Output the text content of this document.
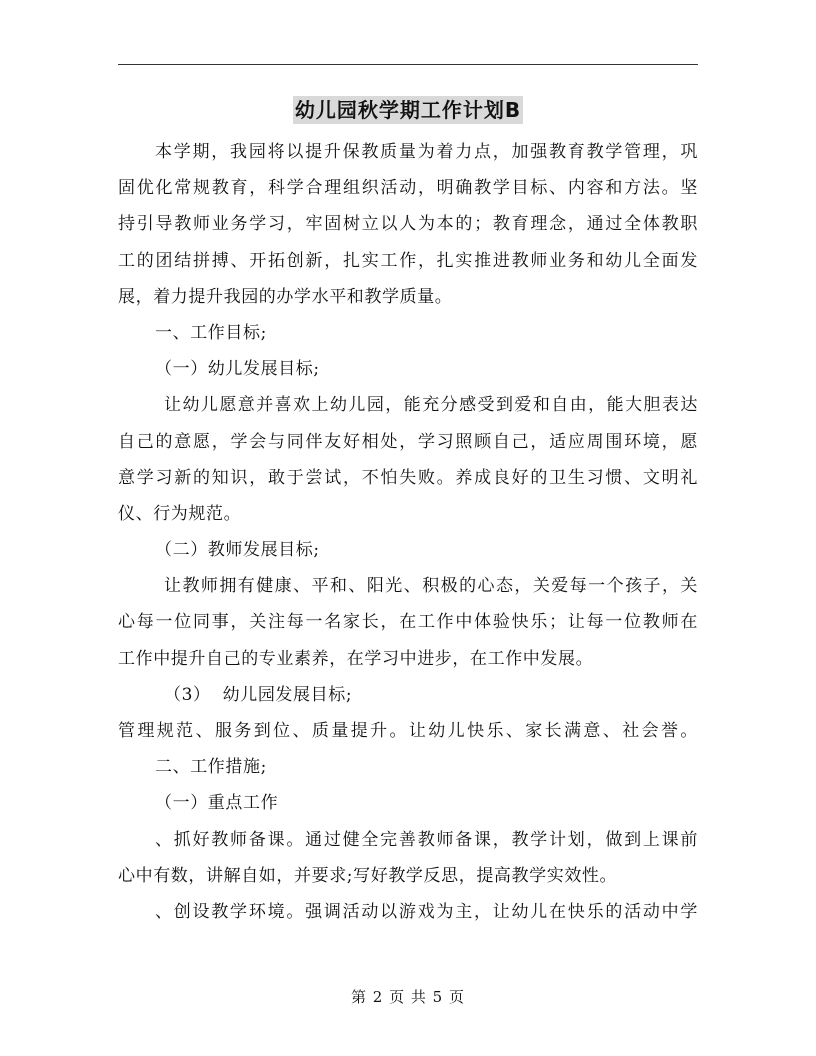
幼儿园秋学期工作计划B
本学期，我园将以提升保教质量为着力点，加强教育教学管理，巩
固优化常规教育，科学合理组织活动，明确教学目标、内容和方法。坚
持引导教师业务学习，牢固树立以人为本的；教育理念，通过全体教职
工的团结拼搏、开拓创新，扎实工作，扎实推进教师业务和幼儿全面发
展，着力提升我园的办学水平和教学质量。
一、工作目标;
（一）幼儿发展目标;
让幼儿愿意并喜欢上幼儿园，能充分感受到爱和自由，能大胆表达
自己的意愿，学会与同伴友好相处，学习照顾自己，适应周围环境，愿
意学习新的知识，敢于尝试，不怕失败。养成良好的卫生习惯、文明礼
仪、行为规范。
（二）教师发展目标;
让教师拥有健康、平和、阳光、积极的心态，关爱每一个孩子，关
心每一位同事，关注每一名家长，在工作中体验快乐；让每一位教师在
工作中提升自己的专业素养，在学习中进步，在工作中发展。
（3）  幼儿园发展目标;
管理规范、服务到位、质量提升。让幼儿快乐、家长满意、社会誉。
二、工作措施;
（一）重点工作
、抓好教师备课。通过健全完善教师备课，教学计划，做到上课前
心中有数，讲解自如，并要求;写好教学反思，提高教学实效性。
、创设教学环境。强调活动以游戏为主，让幼儿在快乐的活动中学
第 2 页 共 5 页
